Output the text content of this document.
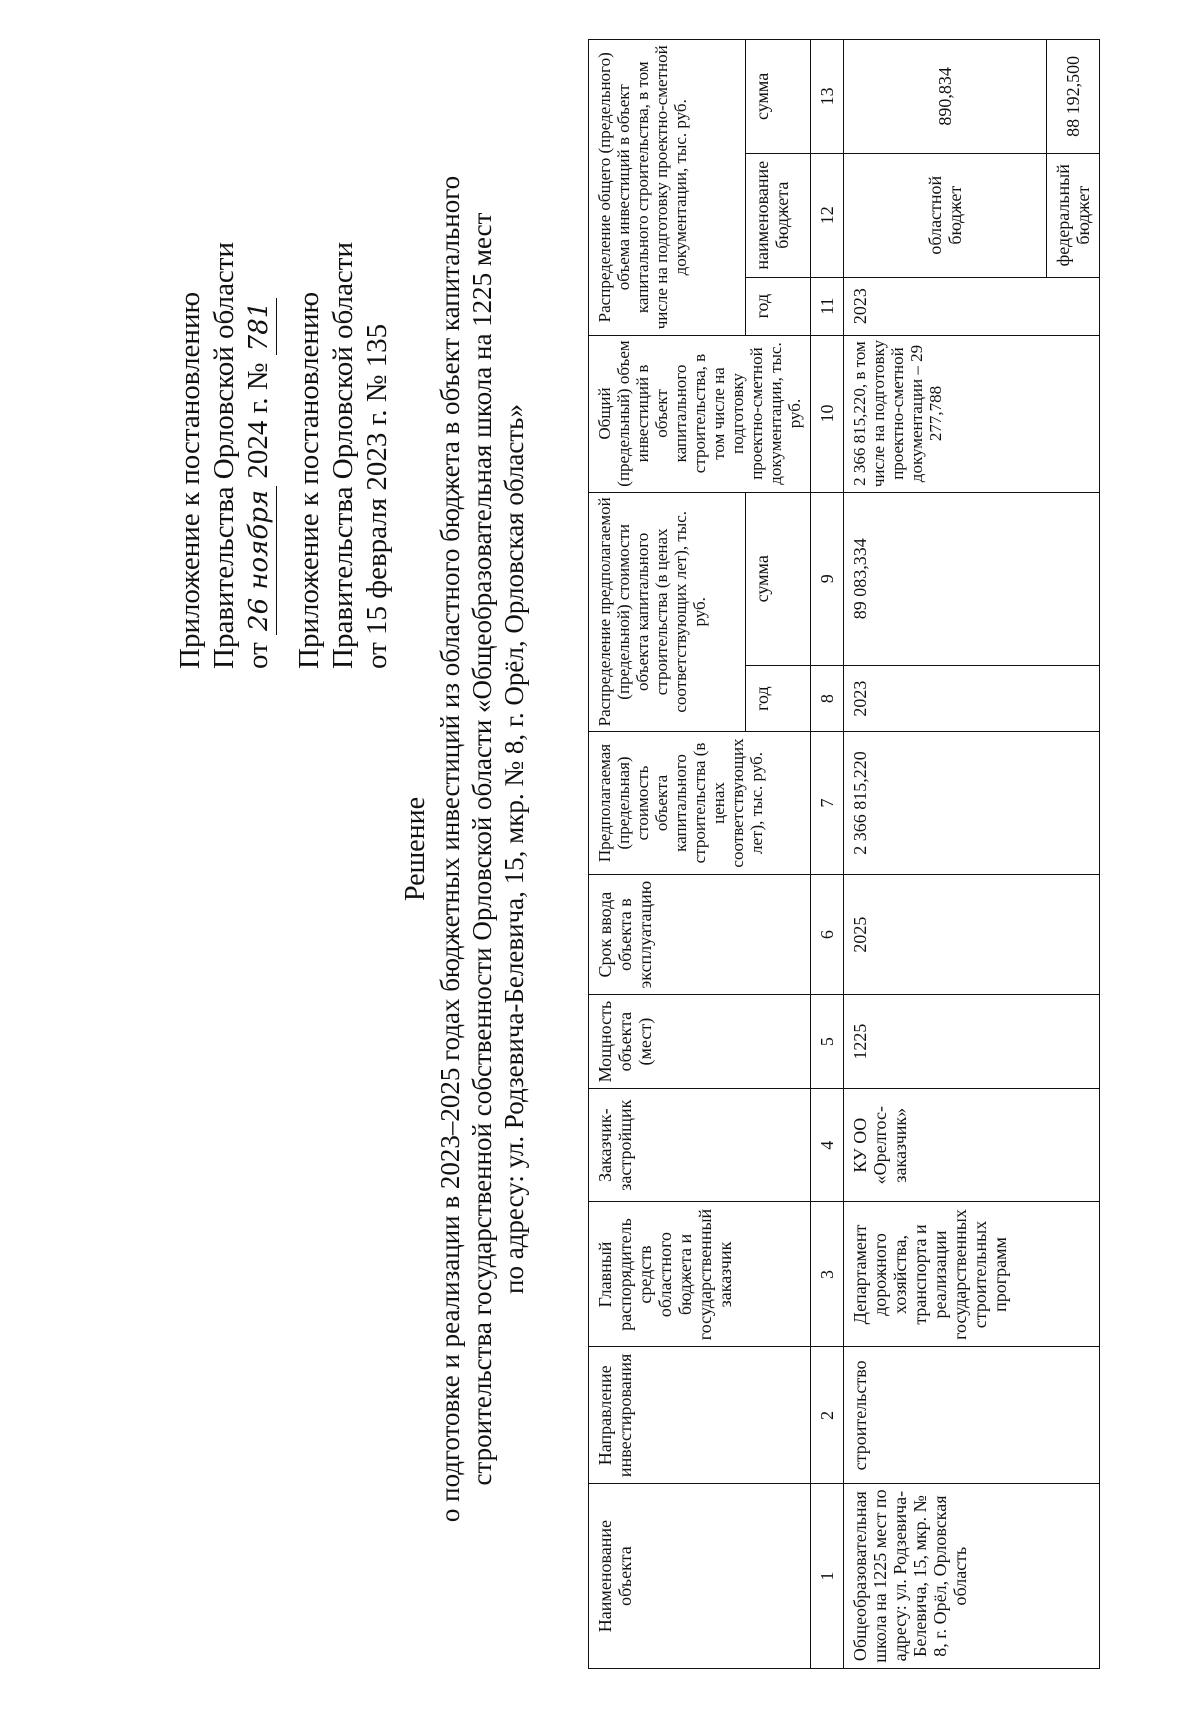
Приложение к постановлению Правительства Орловской области от 26 ноября 2024 г. № 781 Приложение к постановлению Правительства Орловской области от 15 февраля 2023 г. № 135
Решение о подготовке и реализации в 2023–2025 годах бюджетных инвестиций из областного бюджета в объект капитального строительства государственной собственности Орловской области «Общеобразовательная школа на 1225 мест по адресу: ул. Родзевича-Белевича, 15, мкр. № 8, г. Орёл, Орловская область»
Наименование объекта	Направление инвестирования	Главный распорядитель средств областного бюджета и государственный заказчик	Заказчик-застройщик	Мощность объекта (мест)	Срок ввода объекта в эксплуатацию	Предполагаемая (предельная) стоимость объекта капитального строительства (в ценах соответствующих лет), тыс. руб.	Распределение предполагаемой (предельной) стоимости объекта капитального строительства (в ценах соответствующих лет), тыс. руб.		Общий (предельный) объем инвестиций в объект капитального строительства, в том числе на подготовку проектно-сметной документации, тыс. руб.	Распределение общего (предельного) объема инвестиций в объект капитального строительства, в том числе на подготовку проектно-сметной документации, тыс. руб.		
							год	сумма		год	наименование бюджета	сумма
1	2	3	4	5	6	7	8	9	10	11	12	13
Общеобразовательная школа на 1225 мест по адресу: ул. Родзевича-Белевича, 15, мкр. № 8, г. Орёл, Орловская область	строительство	Департамент дорожного хозяйства, транспорта и реализации государственных строительных программ	КУ ОО «Орелгос-заказчик»	1225	2025	2 366 815,220	2023	89 083,334	2 366 815,220, в том числе на подготовку проектно-сметной документации – 29 277,788	2023	областной бюджет	890,834
											федеральный бюджет	88 192,500
